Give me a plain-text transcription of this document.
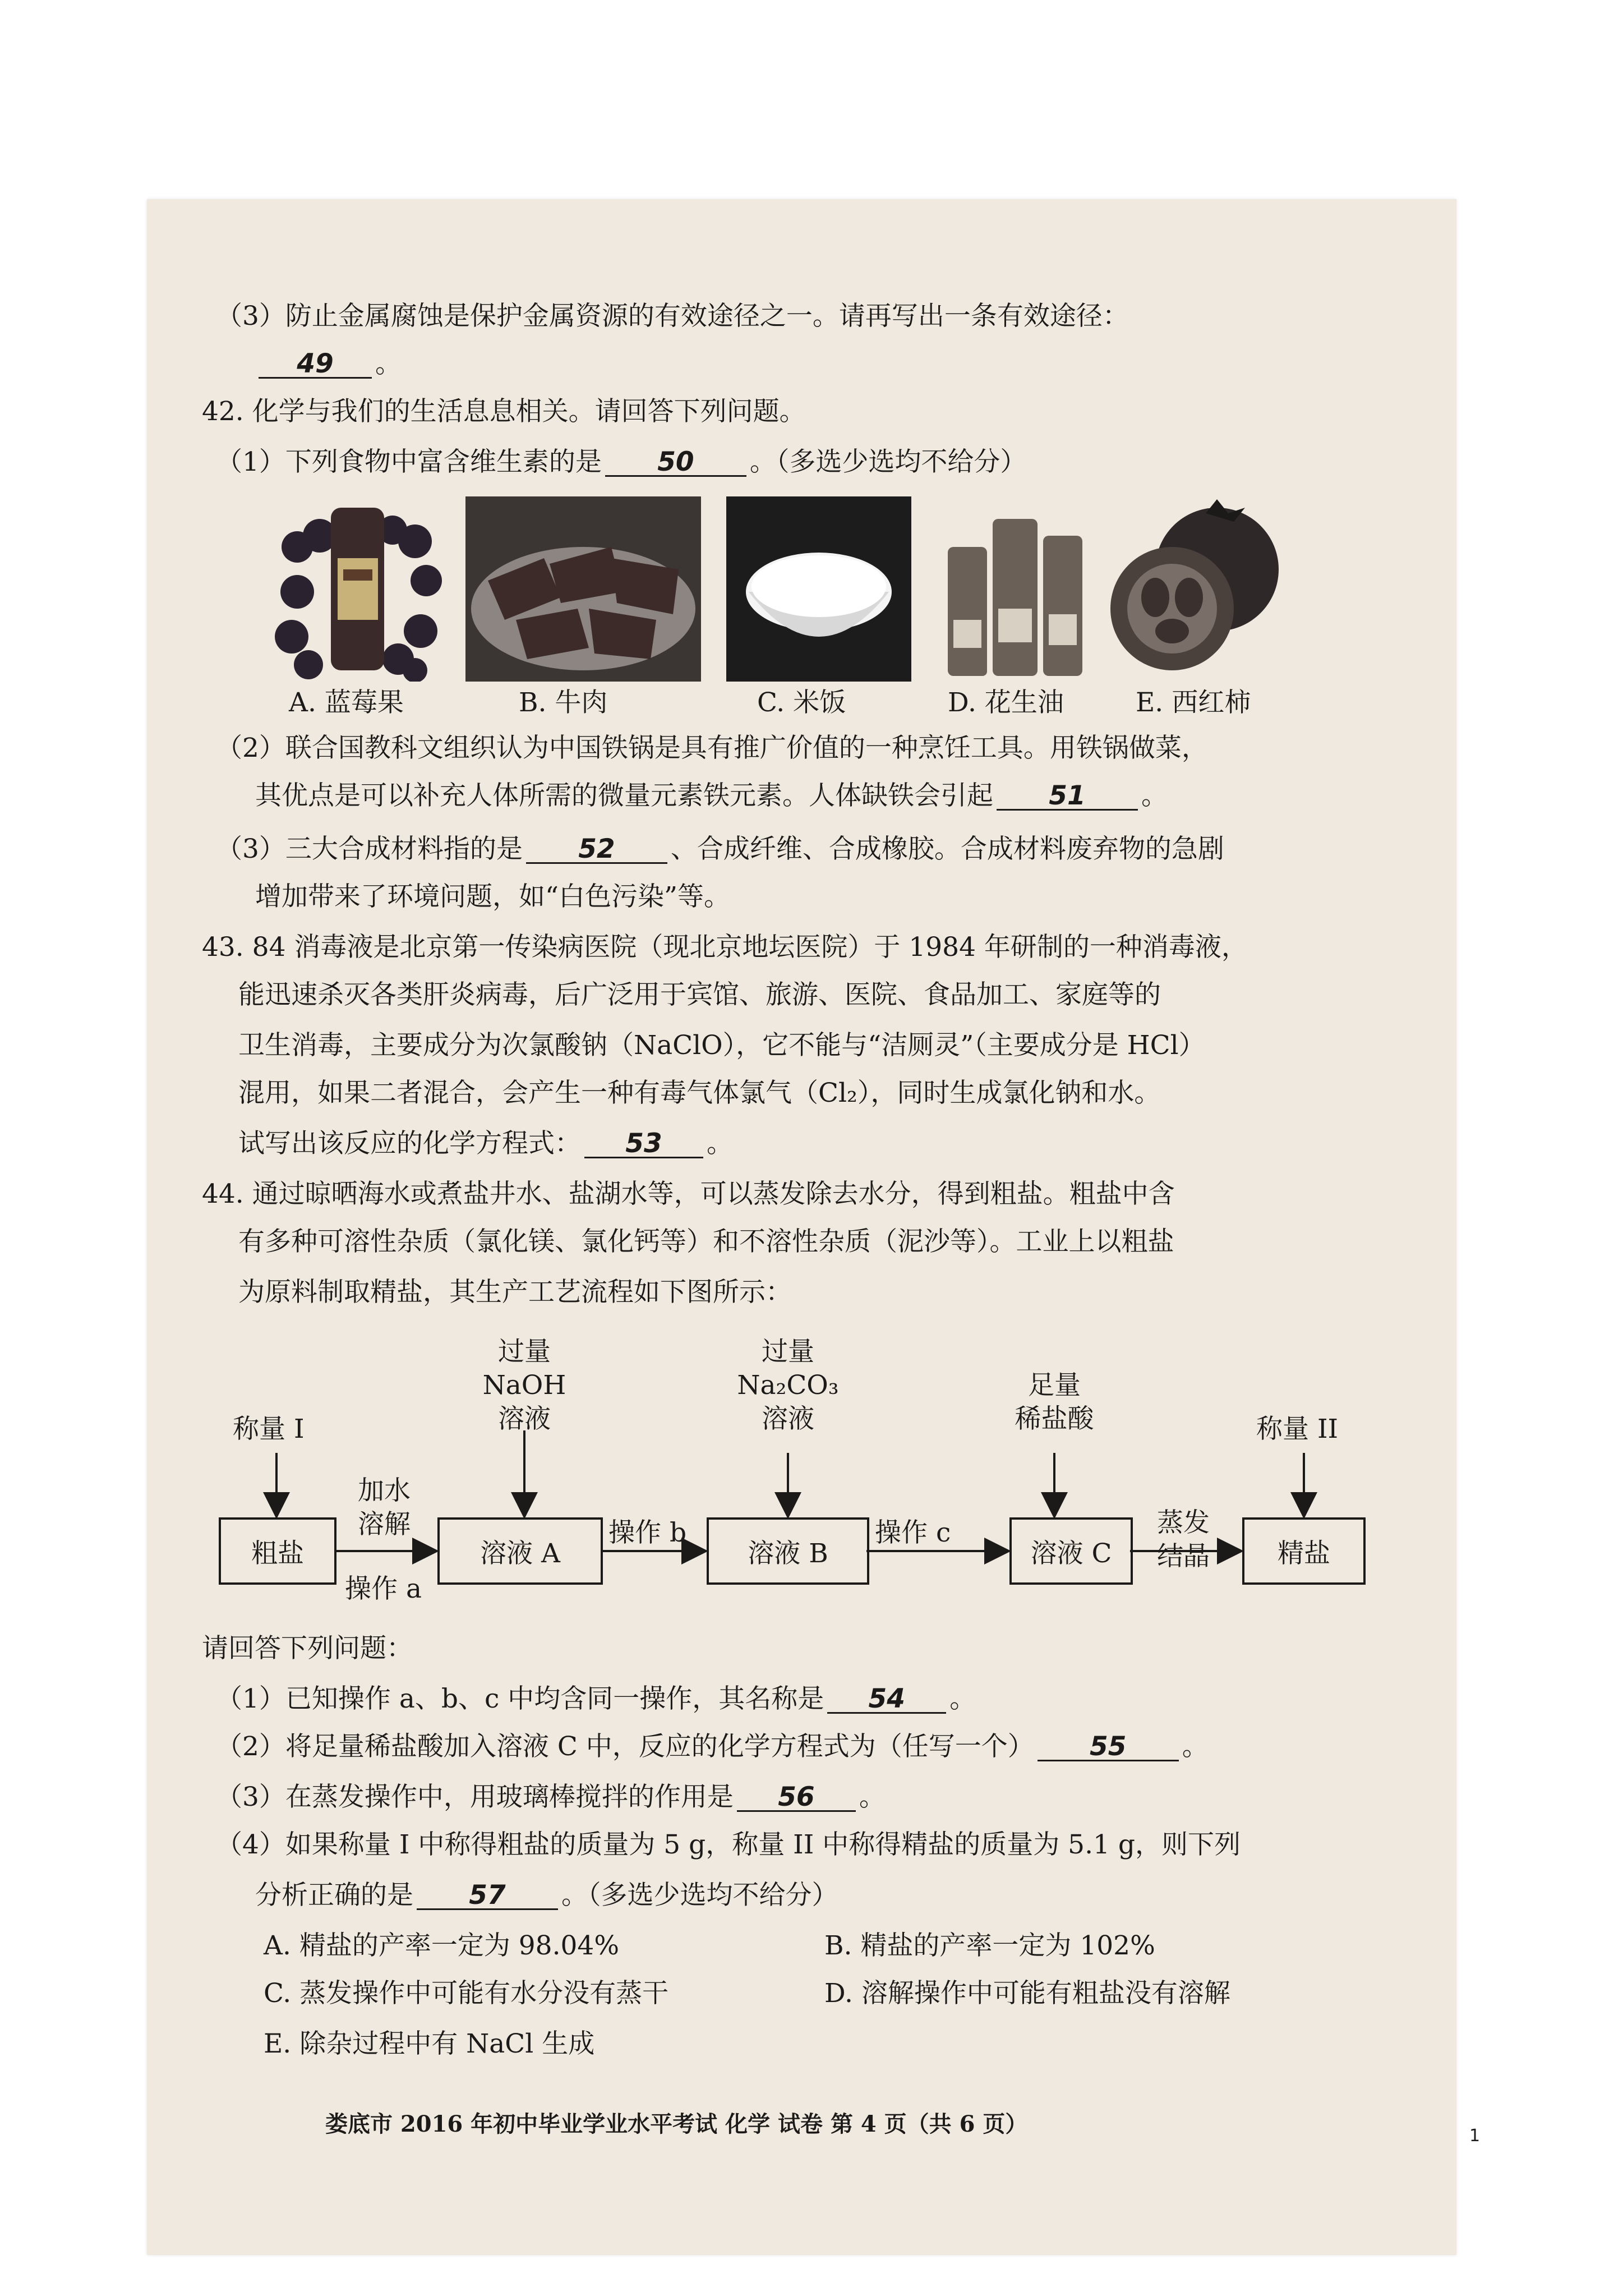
（3）防止金属腐蚀是保护金属资源的有效途径之一。请再写出一条有效途径：
49 。
42. 化学与我们的生活息息相关。请回答下列问题。
（1）下列食物中富含维生素的是 50 。（多选少选均不给分）
A. 蓝莓果	B. 牛肉	C. 米饭	D. 花生油	E. 西红柿
（2）联合国教科文组织认为中国铁锅是具有推广价值的一种烹饪工具。用铁锅做菜，
其优点是可以补充人体所需的微量元素铁元素。人体缺铁会引起 51 。
（3）三大合成材料指的是 52 、合成纤维、合成橡胶。合成材料废弃物的急剧
增加带来了环境问题，如“白色污染”等。
43. 84 消毒液是北京第一传染病医院（现北京地坛医院）于 1984 年研制的一种消毒液，
能迅速杀灭各类肝炎病毒，后广泛用于宾馆、旅游、医院、食品加工、家庭等的
卫生消毒，主要成分为次氯酸钠（NaClO），它不能与“洁厕灵”（主要成分是 HCl）
混用，如果二者混合，会产生一种有毒气体氯气（Cl₂），同时生成氯化钠和水。
试写出该反应的化学方程式： 53 。
44. 通过晾晒海水或煮盐井水、盐湖水等，可以蒸发除去水分，得到粗盐。粗盐中含
有多种可溶性杂质（氯化镁、氯化钙等）和不溶性杂质（泥沙等）。工业上以粗盐
为原料制取精盐，其生产工艺流程如下图所示：
称量 I
过量
NaOH
溶液
过量
Na₂CO₃
溶液
足量
稀盐酸	称量 II
粗盐	溶液 A	溶液 B	溶液 C	精盐
加水
溶解
操作 a
操作 b	操作 c	蒸发
结晶
请回答下列问题：
（1）已知操作 a、b、c 中均含同一操作，其名称是 54 。
（2）将足量稀盐酸加入溶液 C 中，反应的化学方程式为（任写一个） 55 。
（3）在蒸发操作中，用玻璃棒搅拌的作用是 56 。
（4）如果称量 I 中称得粗盐的质量为 5 g，称量 II 中称得精盐的质量为 5.1 g，则下列
分析正确的是 57 。（多选少选均不给分）
A. 精盐的产率一定为 98.04%	B. 精盐的产率一定为 102%
C. 蒸发操作中可能有水分没有蒸干	D. 溶解操作中可能有粗盐没有溶解
E. 除杂过程中有 NaCl 生成
娄底市 2016 年初中毕业学业水平考试 化学 试卷 第 4 页（共 6 页）	1
